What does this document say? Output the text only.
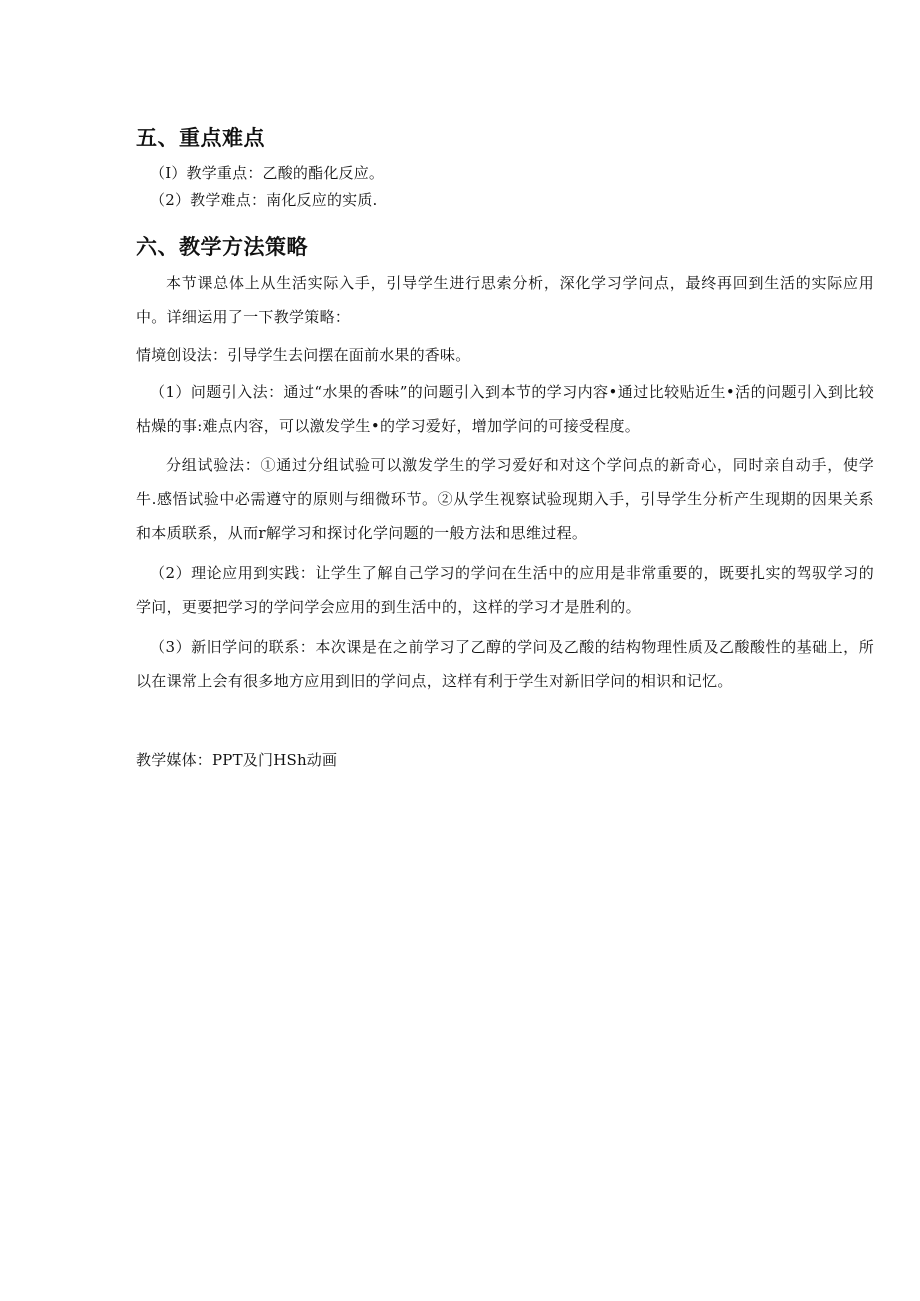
五、重点难点

（I）教学重点：乙酸的酯化反应。

（2）教学难点：南化反应的实质.

六、教学方法策略

本节课总体上从生活实际入手，引导学生进行思索分析，深化学习学问点，最终再回到生活的实际应用中。详细运用了一下教学策略：

情境创设法：引导学生去问摆在面前水果的香味。

（1）问题引入法：通过“水果的香味”的问题引入到本节的学习内容•通过比较贴近生•活的问题引入到比较枯燥的事:难点内容，可以激发学生•的学习爱好，增加学问的可接受程度。

分组试验法：①通过分组试验可以激发学生的学习爱好和对这个学问点的新奇心，同时亲自动手，使学牛.感悟试验中必需遵守的原则与细微环节。②从学生视察试验现期入手，引导学生分析产生现期的因果关系和本质联系，从而r解学习和探讨化学问题的一般方法和思维过程。

（2）理论应用到实践：让学生了解自己学习的学问在生活中的应用是非常重要的，既要扎实的驾驭学习的学问，更要把学习的学问学会应用的到生活中的，这样的学习才是胜利的。

（3）新旧学问的联系：本次课是在之前学习了乙醇的学问及乙酸的结构物理性质及乙酸酸性的基础上，所以在课常上会有很多地方应用到旧的学问点，这样有利于学生对新旧学问的相识和记忆。

教学媒体：PPT及门HSh动画
